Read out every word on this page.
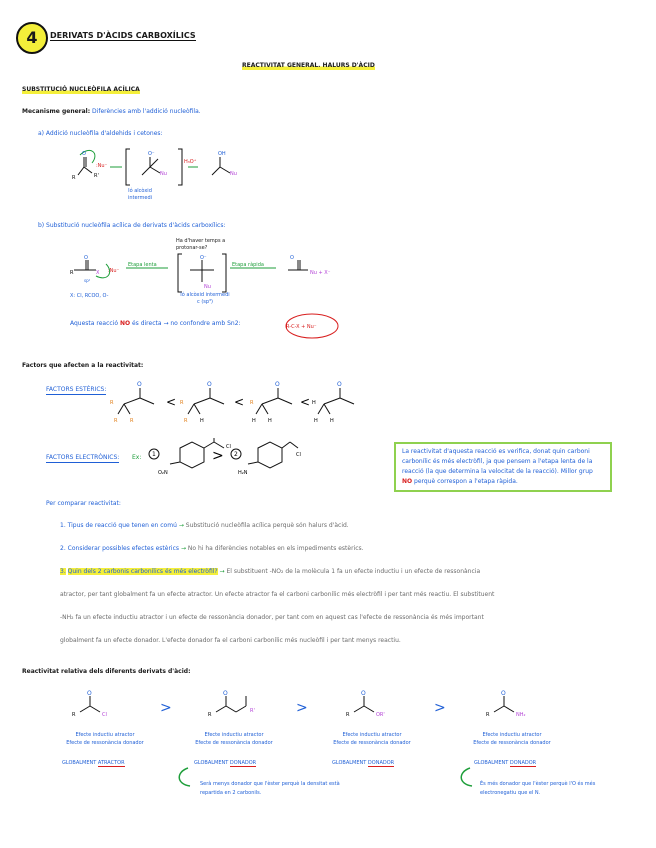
4	DERIVATS D'ÀCIDS CARBOXÍLICS
REACTIVITAT GENERAL. HALURS D'ÀCID
SUBSTITUCIÓ NUCLEÒFILA ACÍLICA
Mecanisme general: Diferències amb l'addició nucleòfila.
a) Addició nucleòfila d'aldehids i cetones:
R	R'
O
:Nu⁻
O⁻
Nu
H₃O⁺
OH
Nu
Ió alcòxid intermedi
b) Substitució nucleòfila acílica de derivats d'àcids carboxílics:
Ha d'haver temps a protonar-se?
R	X :Nu⁻
O
sp²
O⁻
Nu
O
Nu + X⁻
Etapa lenta	Etapa ràpida
X: Cl, RCOO, O-	Ió alcòxid intermedi
c (sp³)
Aquesta reacció NO és directa → no confondre amb Sn2:	R-C-X + Nu⁻
Factors que afecten a la reactivitat:
FACTORS ESTÈRICS:
O	O	O	O
R
R	R
R
R	H
R
H H
H
H H
<	<	<
FACTORS ELECTRÒNICS: Ex: 1	2
O₂N
Cl
H₂N
Cl
>	La reactivitat d'aquesta reacció es verifica, donat quin carboni carbonílic és més electròfil, ja que pensem a l'etapa lenta de la reacció (la que determina la velocitat de la reacció). Millor grup NO perquè correspon a l'etapa ràpida.
Per comparar reactivitat:
1. Tipus de reacció que tenen en comú → Substitució nucleòfila acílica perquè són halurs d'àcid.
2. Considerar possibles efectes estèrics → No hi ha diferències notables en els impediments estèrics.
3. Quin dels 2 carbonis carbonílics és més electròfil? → El substituent -NO₂ de la molècula 1 fa un efecte inductiu i un efecte de ressonància
atractor, per tant globalment fa un efecte atractor. Un efecte atractor fa el carboni carbonílic més electròfil i per tant més reactiu. El substituent
-NH₂ fa un efecte inductiu atractor i un efecte de ressonància donador, per tant com en aquest cas l'efecte de ressonància és més important
globalment fa un efecte donador. L'efecte donador fa el carboni carbonílic més nucleòfil i per tant menys reactiu.
Reactivitat relativa dels diferents derivats d'àcid:
O	O	O	O
R	R	R	R
Cl
R'
OR'	NH₂
>	>	>
Efecte inductiu atractor
Efecte de ressonància donador
GLOBALMENT ATRACTOR
Efecte inductiu atractor
Efecte de ressonància donador
GLOBALMENT DONADOR
Efecte inductiu atractor
Efecte de ressonància donador
GLOBALMENT DONADOR
Efecte inductiu atractor
Efecte de ressonància donador
GLOBALMENT DONADOR
Serà menys donador que l'èster perquè la densitat està repartida en 2 carbonils.
És més donador que l'èster perquè l'O és més electronegatiu que el N.
